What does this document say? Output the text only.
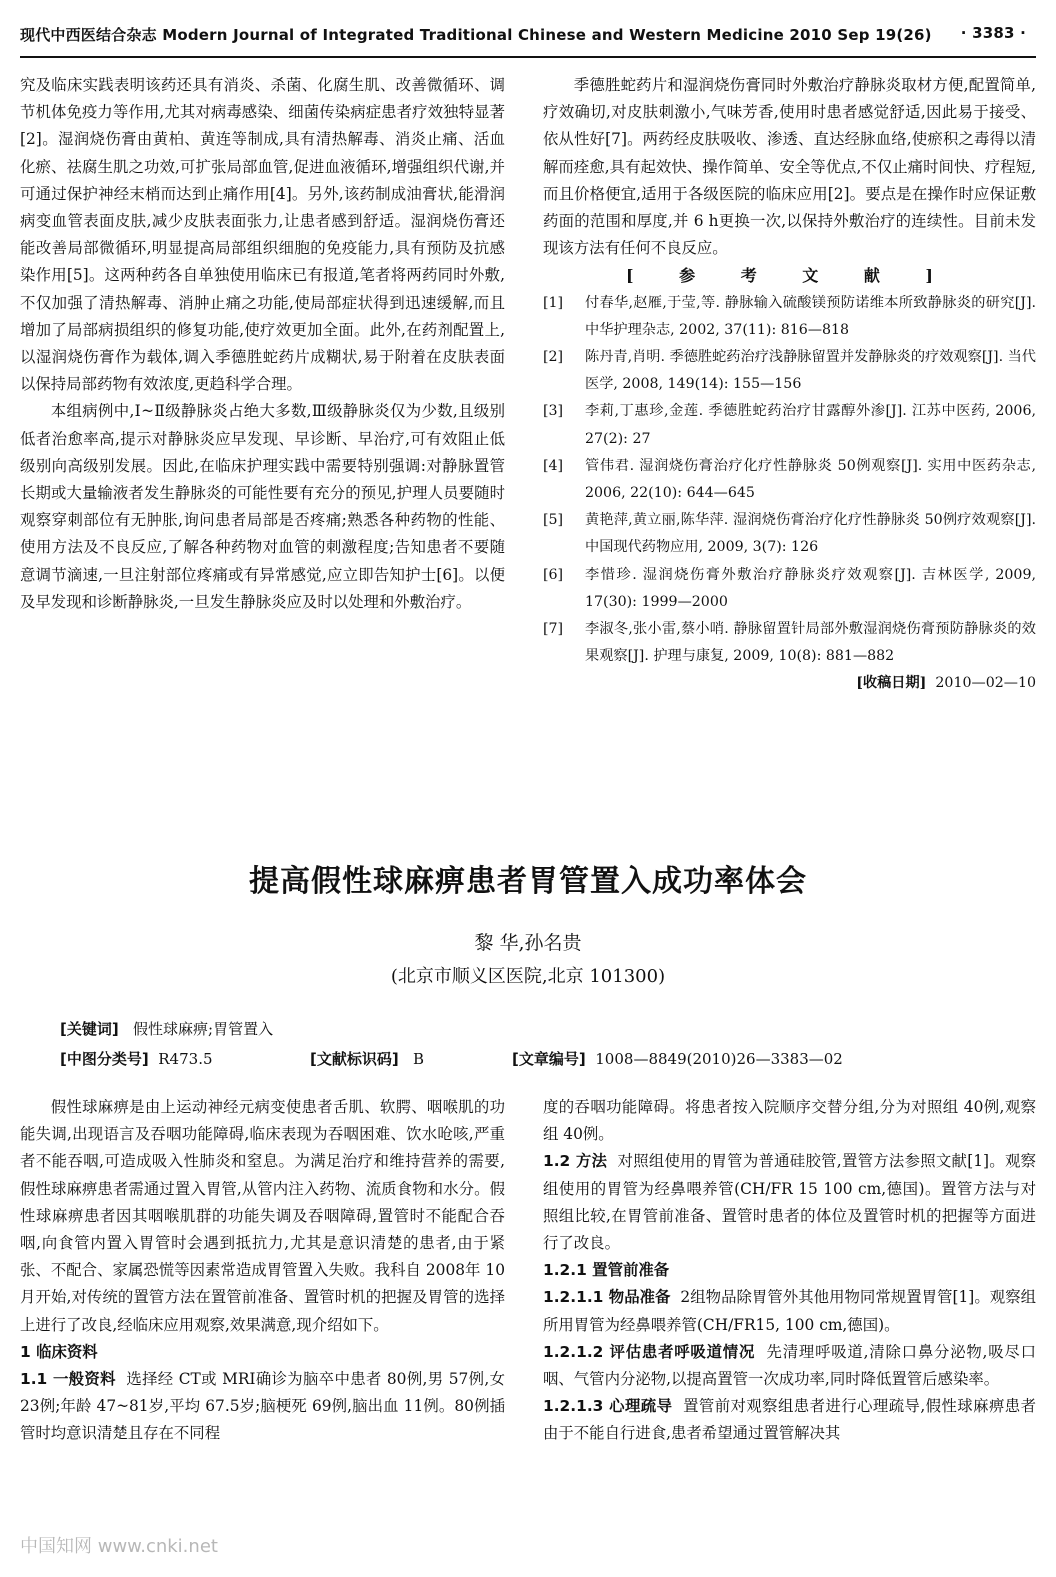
现代中西医结合杂志 Modern Journal of Integrated Traditional Chinese and Western Medicine 2010 Sep 19(26) · 3383 ·

究及临床实践表明该药还具有消炎、杀菌、化腐生肌、改善微循环、调节机体免疫力等作用,尤其对病毒感染、细菌传染病症患者疗效独特显著[2]。湿润烧伤膏由黄柏、黄连等制成,具有清热解毒、消炎止痛、活血化瘀、祛腐生肌之功效,可扩张局部血管,促进血液循环,增强组织代谢,并可通过保护神经末梢而达到止痛作用[4]。另外,该药制成油膏状,能滑润病变血管表面皮肤,减少皮肤表面张力,让患者感到舒适。湿润烧伤膏还能改善局部微循环,明显提高局部组织细胞的免疫能力,具有预防及抗感染作用[5]。这两种药各自单独使用临床已有报道,笔者将两药同时外敷,不仅加强了清热解毒、消肿止痛之功能,使局部症状得到迅速缓解,而且增加了局部病损组织的修复功能,使疗效更加全面。此外,在药剂配置上,以湿润烧伤膏作为载体,调入季德胜蛇药片成糊状,易于附着在皮肤表面以保持局部药物有效浓度,更趋科学合理。

本组病例中,Ⅰ~Ⅱ级静脉炎占绝大多数,Ⅲ级静脉炎仅为少数,且级别低者治愈率高,提示对静脉炎应早发现、早诊断、早治疗,可有效阻止低级别向高级别发展。因此,在临床护理实践中需要特别强调:对静脉置管长期或大量输液者发生静脉炎的可能性要有充分的预见,护理人员要随时观察穿刺部位有无肿胀,询问患者局部是否疼痛;熟悉各种药物的性能、使用方法及不良反应,了解各种药物对血管的刺激程度;告知患者不要随意调节滴速,一旦注射部位疼痛或有异常感觉,应立即告知护士[6]。以便及早发现和诊断静脉炎,一旦发生静脉炎应及时以处理和外敷治疗。

季德胜蛇药片和湿润烧伤膏同时外敷治疗静脉炎取材方便,配置简单,疗效确切,对皮肤刺激小,气味芳香,使用时患者感觉舒适,因此易于接受、依从性好[7]。两药经皮肤吸收、渗透、直达经脉血络,使瘀积之毒得以清解而痊愈,具有起效快、操作简单、安全等优点,不仅止痛时间快、疗程短,而且价格便宜,适用于各级医院的临床应用[2]。要点是在操作时应保证敷药面的范围和厚度,并 6 h更换一次,以保持外敷治疗的连续性。目前未发现该方法有任何不良反应。

[ 参 考 文 献 ]

[1]	付春华,赵雁,于莹,等. 静脉输入硫酸镁预防诺维本所致静脉炎的研究[J]. 中华护理杂志, 2002, 37(11): 816—818
[2]	陈丹青,肖明. 季德胜蛇药治疗浅静脉留置并发静脉炎的疗效观察[J]. 当代医学, 2008, 149(14): 155—156
[3]	李莉,丁惠珍,金莲. 季德胜蛇药治疗甘露醇外渗[J]. 江苏中医药, 2006, 27(2): 27
[4]	管伟君. 湿润烧伤膏治疗化疗性静脉炎 50例观察[J]. 实用中医药杂志, 2006, 22(10): 644—645
[5]	黄艳萍,黄立丽,陈华萍. 湿润烧伤膏治疗化疗性静脉炎 50例疗效观察[J]. 中国现代药物应用, 2009, 3(7): 126
[6]	李惜珍. 湿润烧伤膏外敷治疗静脉炎疗效观察[J]. 吉林医学, 2009, 17(30): 1999—2000
[7]	李淑冬,张小雷,蔡小哨. 静脉留置针局部外敷湿润烧伤膏预防静脉炎的效果观察[J]. 护理与康复, 2009, 10(8): 881—882

[收稿日期] 2010—02—10

提高假性球麻痹患者胃管置入成功率体会
黎 华,孙名贵
(北京市顺义区医院,北京 101300)
[关键词] 假性球麻痹;胃管置入
[中图分类号] R473.5	[文献标识码] B	[文章编号] 1008—8849(2010)26—3383—02

假性球麻痹是由上运动神经元病变使患者舌肌、软腭、咽喉肌的功能失调,出现语言及吞咽功能障碍,临床表现为吞咽困难、饮水呛咳,严重者不能吞咽,可造成吸入性肺炎和窒息。为满足治疗和维持营养的需要,假性球麻痹患者需通过置入胃管,从管内注入药物、流质食物和水分。假性球麻痹患者因其咽喉肌群的功能失调及吞咽障碍,置管时不能配合吞咽,向食管内置入胃管时会遇到抵抗力,尤其是意识清楚的患者,由于紧张、不配合、家属恐慌等因素常造成胃管置入失败。我科自 2008年 10月开始,对传统的置管方法在置管前准备、置管时机的把握及胃管的选择上进行了改良,经临床应用观察,效果满意,现介绍如下。

1 临床资料

1.1 一般资料 选择经 CT或 MRI确诊为脑卒中患者 80例,男 57例,女 23例;年龄 47~81岁,平均 67.5岁;脑梗死 69例,脑出血 11例。80例插管时均意识清楚且存在不同程

度的吞咽功能障碍。将患者按入院顺序交替分组,分为对照组 40例,观察组 40例。

1.2 方法 对照组使用的胃管为普通硅胶管,置管方法参照文献[1]。观察组使用的胃管为经鼻喂养管(CH/FR 15 100 cm,德国)。置管方法与对照组比较,在胃管前准备、置管时患者的体位及置管时机的把握等方面进行了改良。

1.2.1 置管前准备

1.2.1.1 物品准备 2组物品除胃管外其他用物同常规置胃管[1]。观察组所用胃管为经鼻喂养管(CH/FR15, 100 cm,德国)。

1.2.1.2 评估患者呼吸道情况 先清理呼吸道,清除口鼻分泌物,吸尽口咽、气管内分泌物,以提高置管一次成功率,同时降低置管后感染率。

1.2.1.3 心理疏导 置管前对观察组患者进行心理疏导,假性球麻痹患者由于不能自行进食,患者希望通过置管解决其

中国知网 www.cnki.net
